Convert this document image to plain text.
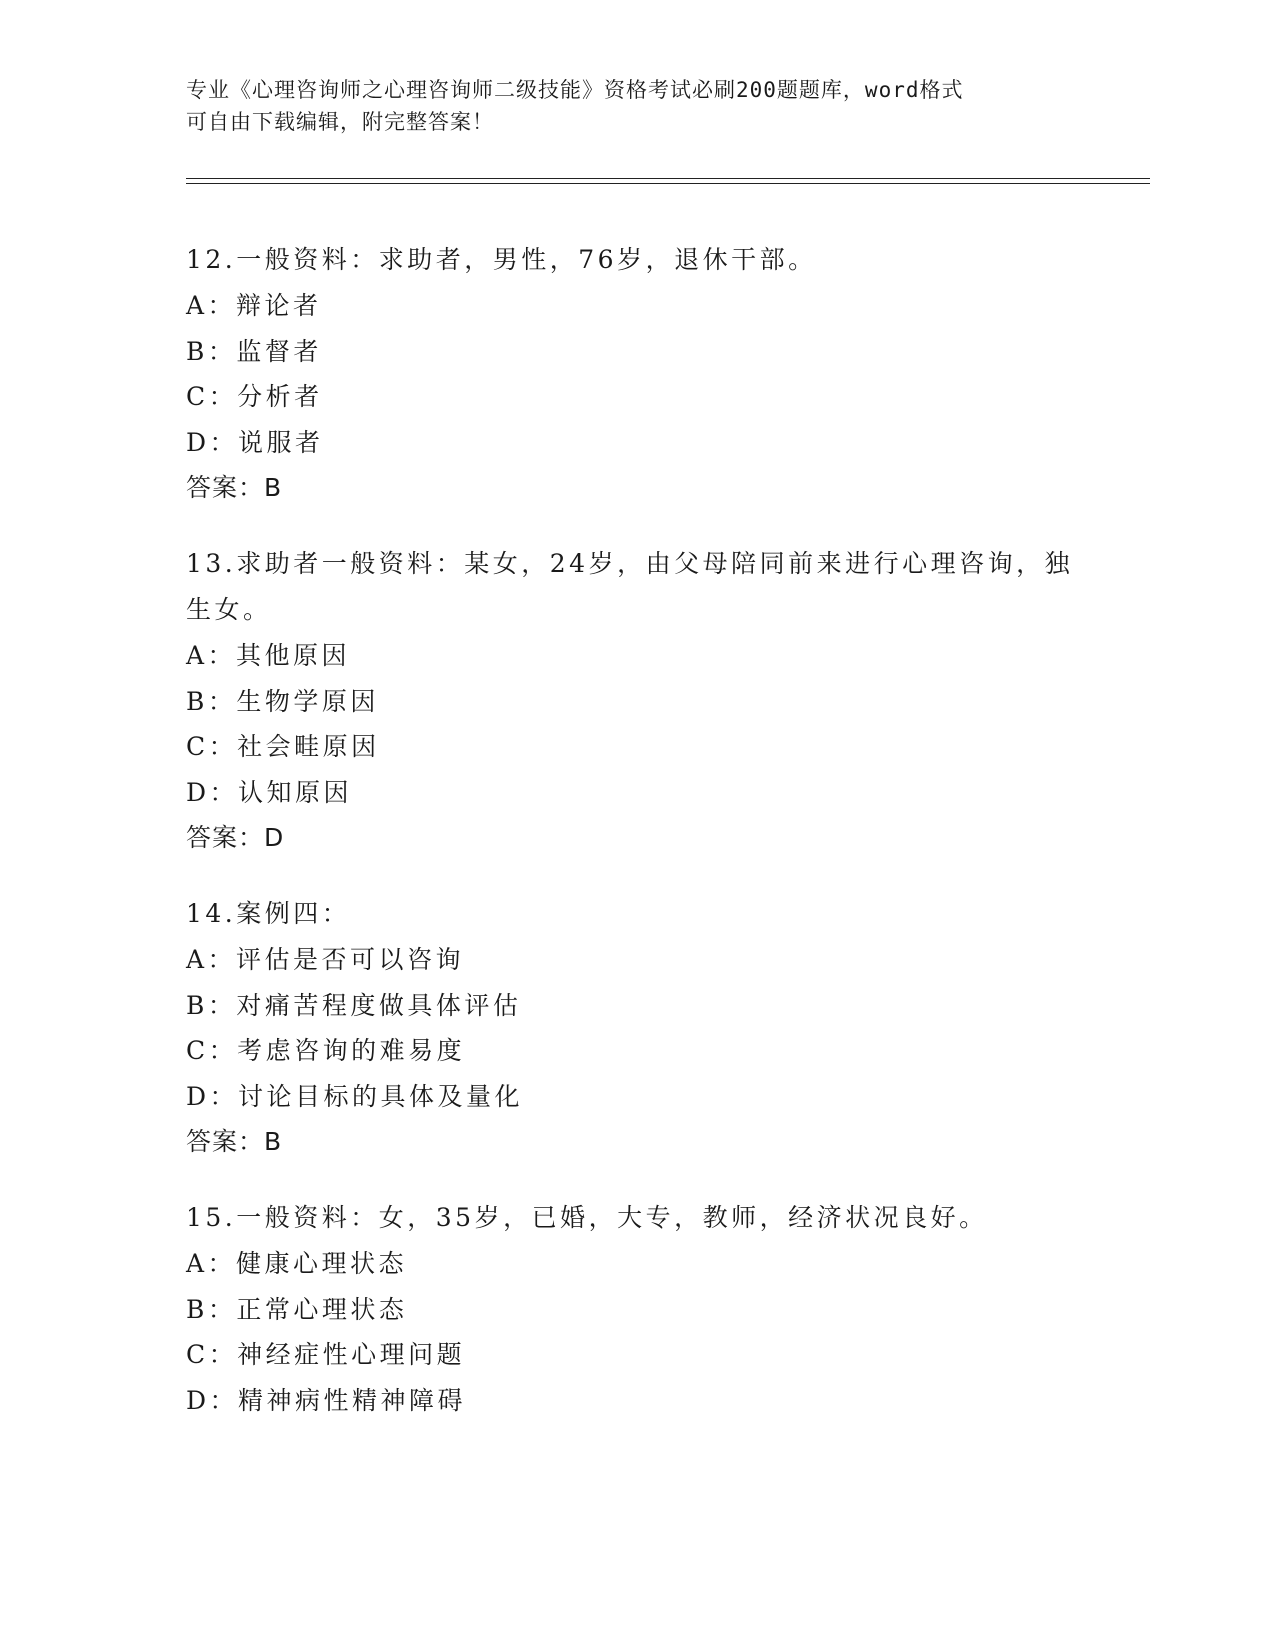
专业《心理咨询师之心理咨询师二级技能》资格考试必刷200题题库，word格式
可自由下载编辑，附完整答案！
12.一般资料：求助者，男性，76岁，退休干部。
A：辩论者
B：监督者
C：分析者
D：说服者
答案：B
13.求助者一般资料：某女，24岁，由父母陪同前来进行心理咨询，独
生女。
A：其他原因
B：生物学原因
C：社会畦原因
D：认知原因
答案：D
14.案例四：
A：评估是否可以咨询
B：对痛苦程度做具体评估
C：考虑咨询的难易度
D：讨论目标的具体及量化
答案：B
15.一般资料：女，35岁，已婚，大专，教师，经济状况良好。
A：健康心理状态
B：正常心理状态
C：神经症性心理问题
D：精神病性精神障碍
